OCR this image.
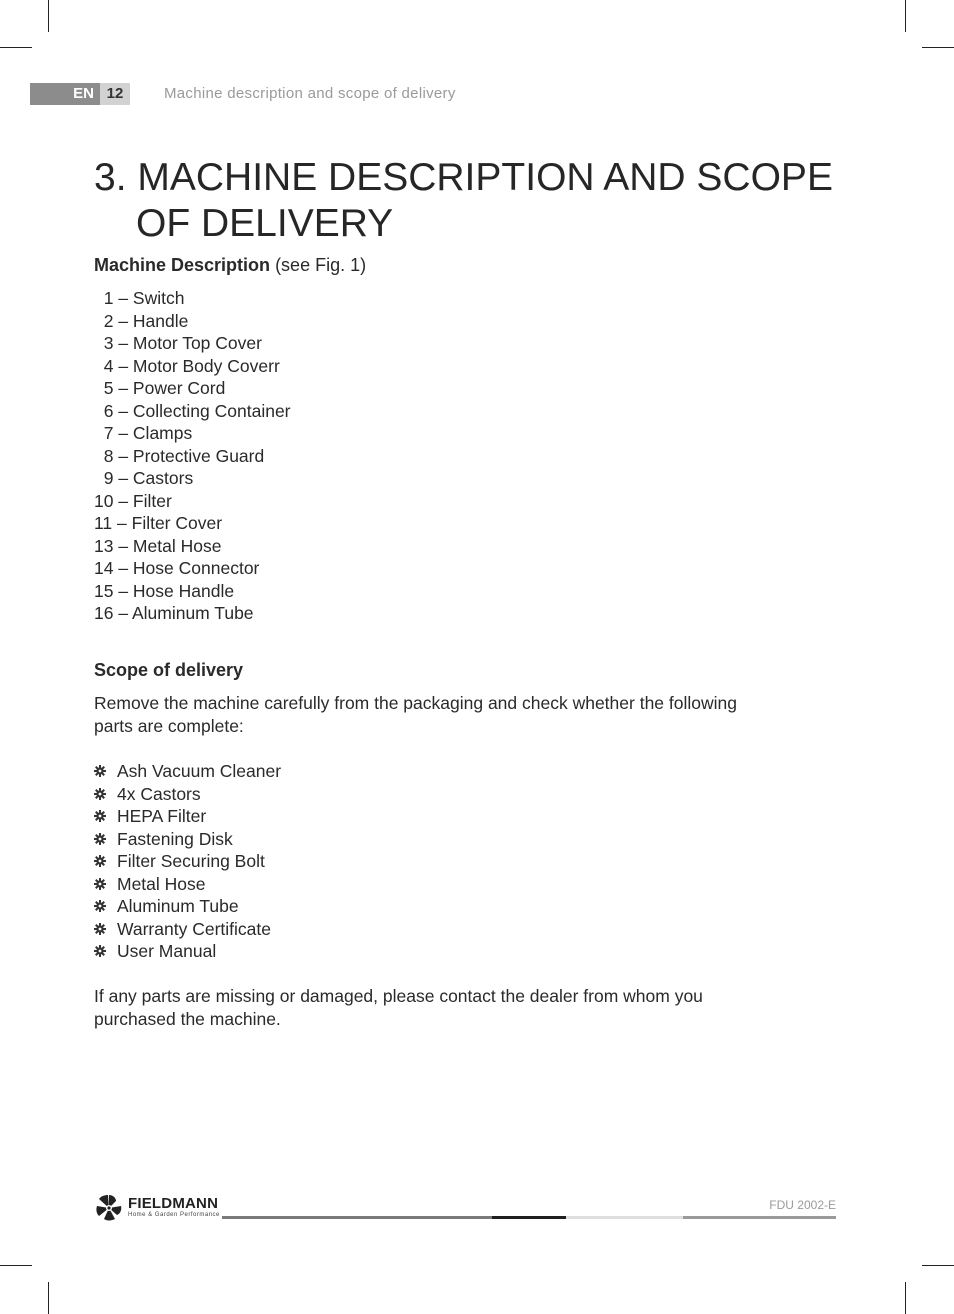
EN 12	Machine description and scope of delivery
3. MACHINE DESCRIPTION AND SCOPE
OF DELIVERY
Machine Description (see Fig. 1)
1 – Switch
2 – Handle
3 – Motor Top Cover
4 – Motor Body Coverr
5 – Power Cord
6 – Collecting Container
7 – Clamps
8 – Protective Guard
9 – Castors
10 – Filter
11 – Filter Cover
13 – Metal Hose
14 – Hose Connector
15 – Hose Handle
16 – Aluminum Tube
Scope of delivery

Remove the machine carefully from the packaging and check whether the following parts are complete:

Ash Vacuum Cleaner
4x Castors
HEPA Filter
Fastening Disk
Filter Securing Bolt
Metal Hose
Aluminum Tube
Warranty Certificate
User Manual

If any parts are missing or damaged, please contact the dealer from whom you purchased the machine.

FIELDMANN
Home & Garden Performance
FDU 2002-E
